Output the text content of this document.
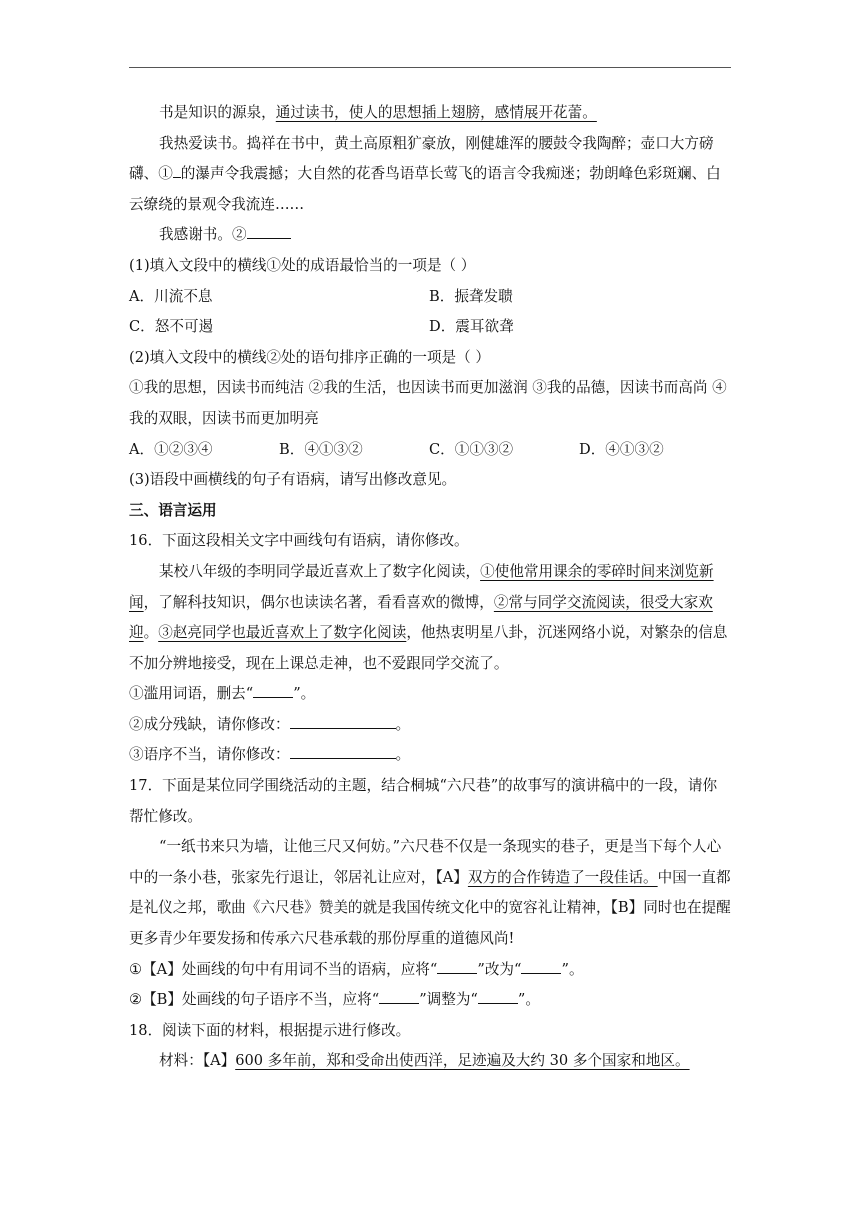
书是知识的源泉，通过读书，使人的思想插上翅膀，感情展开花蕾。

我热爱读书。捣祥在书中，黄土高原粗犷豪放，刚健雄浑的腰鼓令我陶醉；壶口大方磅礴、① 的瀑声令我震撼；大自然的花香鸟语草长莺飞的语言令我痴迷；勃朗峰色彩斑斓、白云缭绕的景观令我流连……

我感谢书。②

(1)填入文段中的横线①处的成语最恰当的一项是（ ）

A．川流不息	B．振聋发聩
C．怒不可遏	D．震耳欲聋

(2)填入文段中的横线②处的语句排序正确的一项是（ ）

①我的思想，因读书而纯洁 ②我的生活，也因读书而更加滋润 ③我的品德，因读书而高尚 ④我的双眼，因读书而更加明亮

A．①②③④	B．④①③②	C．①①③②	D．④①③②

(3)语段中画横线的句子有语病，请写出修改意见。

三、语言运用

16．下面这段相关文字中画线句有语病，请你修改。

某校八年级的李明同学最近喜欢上了数字化阅读，①使他常用课余的零碎时间来浏览新闻，了解科技知识，偶尔也读读名著，看看喜欢的微博，②常与同学交流阅读，很受大家欢迎。③赵亮同学也最近喜欢上了数字化阅读，他热衷明星八卦，沉迷网络小说，对繁杂的信息不加分辨地接受，现在上课总走神，也不爱跟同学交流了。

①滥用词语，删去“	”。

②成分残缺，请你修改：	。

③语序不当，请你修改：	。

17．下面是某位同学围绕活动的主题，结合桐城“六尺巷”的故事写的演讲稿中的一段，请你帮忙修改。

“一纸书来只为墙，让他三尺又何妨。”六尺巷不仅是一条现实的巷子，更是当下每个人心中的一条小巷，张家先行退让，邻居礼让应对，【A】双方的合作铸造了一段佳话。中国一直都是礼仪之邦，歌曲《六尺巷》赞美的就是我国传统文化中的宽容礼让精神，【B】同时也在提醒更多青少年要发扬和传承六尺巷承载的那份厚重的道德风尚!

①【A】处画线的句中有用词不当的语病，应将“	”改为“	”。

②【B】处画线的句子语序不当，应将“	”调整为“	”。

18．阅读下面的材料，根据提示进行修改。

材料：【A】600 多年前，郑和受命出使西洋，足迹遍及大约 30 多个国家和地区。
